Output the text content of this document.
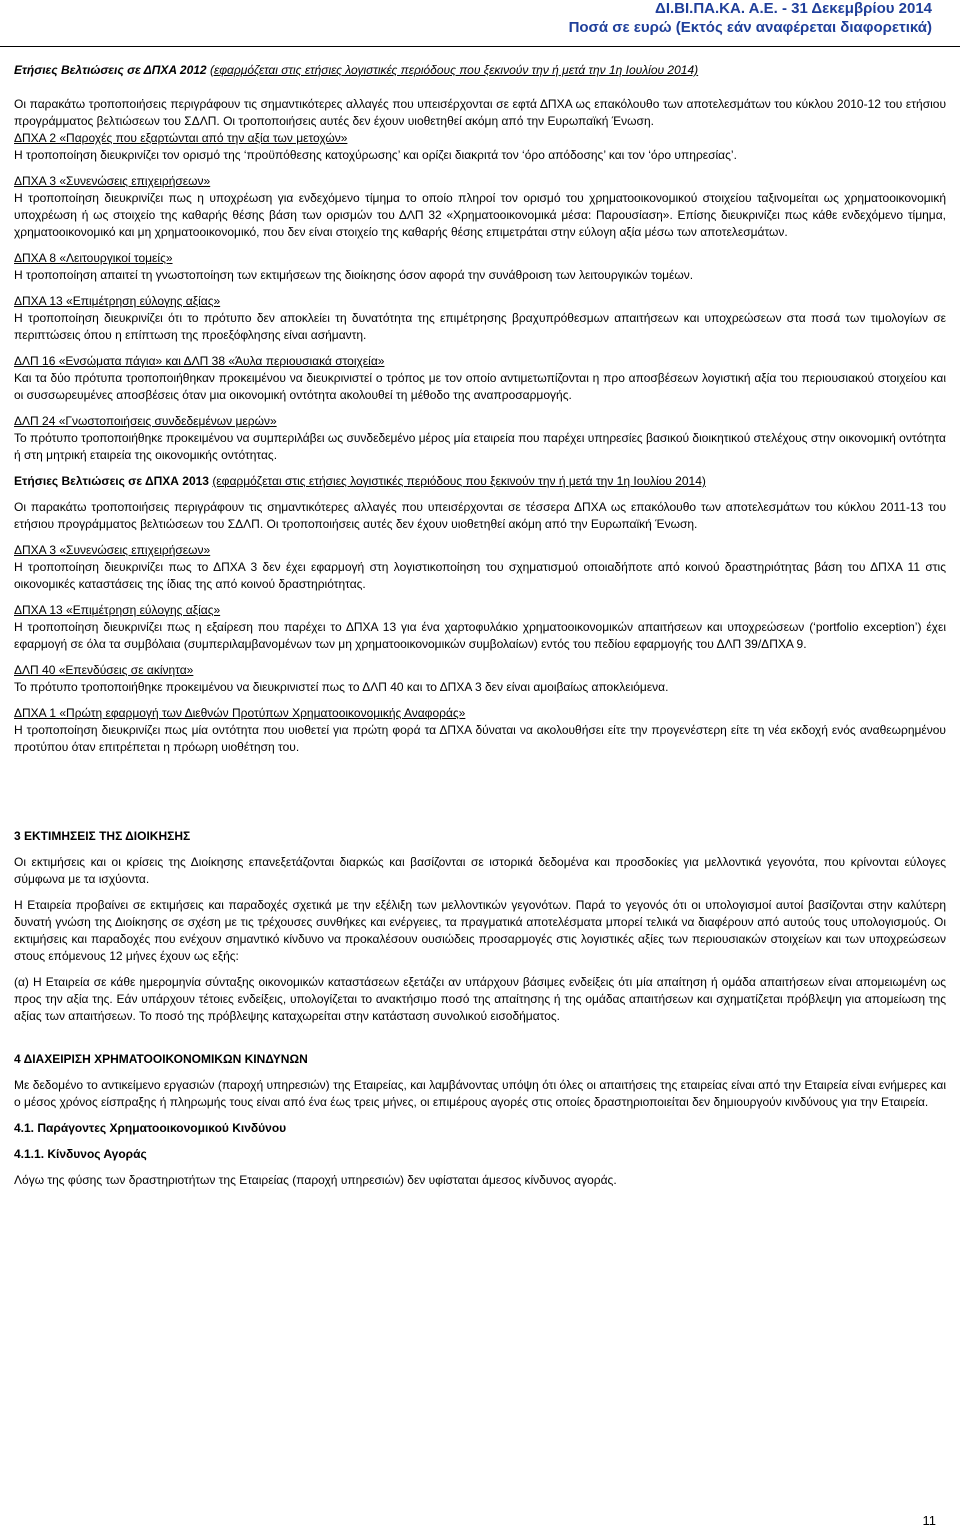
ΔΙ.ΒΙ.ΠΑ.ΚΑ. Α.Ε. - 31 Δεκεμβρίου 2014
Ποσά σε ευρώ (Εκτός εάν αναφέρεται διαφορετικά)

Ετήσιες Βελτιώσεις σε ΔΠΧΑ 2012 (εφαρμόζεται στις ετήσιες λογιστικές περιόδους που ξεκινούν την ή μετά την 1η Ιουλίου 2014)

Οι παρακάτω τροποποιήσεις περιγράφουν τις σημαντικότερες αλλαγές που υπεισέρχονται σε εφτά ΔΠΧΑ ως επακόλουθο των αποτελεσμάτων του κύκλου 2010-12 του ετήσιου προγράμματος βελτιώσεων του ΣΔΛΠ. Οι τροποποιήσεις αυτές δεν έχουν υιοθετηθεί ακόμη από την Ευρωπαϊκή Ένωση.

ΔΠΧΑ 2 «Παροχές που εξαρτώνται από την αξία των μετοχών»

Η τροποποίηση διευκρινίζει τον ορισμό της ‘προϋπόθεσης κατοχύρωσης’ και ορίζει διακριτά τον ‘όρο απόδοσης’ και τον ‘όρο υπηρεσίας’.

ΔΠΧΑ 3 «Συνενώσεις επιχειρήσεων»

Η τροποποίηση διευκρινίζει πως η υποχρέωση για ενδεχόμενο τίμημα το οποίο πληροί τον ορισμό του χρηματοοικονομικού στοιχείου ταξινομείται ως χρηματοοικονομική υποχρέωση ή ως στοιχείο της καθαρής θέσης βάση των ορισμών του ΔΛΠ 32 «Χρηματοοικονομικά μέσα: Παρουσίαση». Επίσης διευκρινίζει πως κάθε ενδεχόμενο τίμημα, χρηματοοικονομικό και μη χρηματοοικονομικό, που δεν είναι στοιχείο της καθαρής θέσης επιμετράται στην εύλογη αξία μέσω των αποτελεσμάτων.

ΔΠΧΑ 8 «Λειτουργικοί τομείς»

Η τροποποίηση απαιτεί τη γνωστοποίηση των εκτιμήσεων της διοίκησης όσον αφορά την συνάθροιση των λειτουργικών τομέων.

ΔΠΧΑ 13 «Επιμέτρηση εύλογης αξίας»

Η τροποποίηση διευκρινίζει ότι το πρότυπο δεν αποκλείει τη δυνατότητα της επιμέτρησης βραχυπρόθεσμων απαιτήσεων και υποχρεώσεων στα ποσά των τιμολογίων σε περιπτώσεις όπου η επίπτωση της προεξόφλησης είναι ασήμαντη.

ΔΛΠ 16 «Ενσώματα πάγια» και ΔΛΠ 38 «Άυλα περιουσιακά στοιχεία»

Και τα δύο πρότυπα τροποποιήθηκαν προκειμένου να διευκρινιστεί ο τρόπος με τον οποίο αντιμετωπίζονται η προ αποσβέσεων λογιστική αξία του περιουσιακού στοιχείου και οι συσσωρευμένες αποσβέσεις όταν μια οικονομική οντότητα ακολουθεί τη μέθοδο της αναπροσαρμογής.

ΔΛΠ 24 «Γνωστοποιήσεις συνδεδεμένων μερών»

Το πρότυπο τροποποιήθηκε προκειμένου να συμπεριλάβει ως συνδεδεμένο μέρος μία εταιρεία που παρέχει υπηρεσίες βασικού διοικητικού στελέχους στην οικονομική οντότητα ή στη μητρική εταιρεία της οικονομικής οντότητας.

Ετήσιες Βελτιώσεις σε ΔΠΧΑ 2013 (εφαρμόζεται στις ετήσιες λογιστικές περιόδους που ξεκινούν την ή μετά την 1η Ιουλίου 2014)

Οι παρακάτω τροποποιήσεις περιγράφουν τις σημαντικότερες αλλαγές που υπεισέρχονται σε τέσσερα ΔΠΧΑ ως επακόλουθο των αποτελεσμάτων του κύκλου 2011-13 του ετήσιου προγράμματος βελτιώσεων του ΣΔΛΠ. Οι τροποποιήσεις αυτές δεν έχουν υιοθετηθεί ακόμη από την Ευρωπαϊκή Ένωση.

ΔΠΧΑ 3 «Συνενώσεις επιχειρήσεων»

Η τροποποίηση διευκρινίζει πως το ΔΠΧΑ 3 δεν έχει εφαρμογή στη λογιστικοποίηση του σχηματισμού οποιαδήποτε από κοινού δραστηριότητας βάση του ΔΠΧΑ 11 στις οικονομικές καταστάσεις της ίδιας της από κοινού δραστηριότητας.

ΔΠΧΑ 13 «Επιμέτρηση εύλογης αξίας»

Η τροποποίηση διευκρινίζει πως η εξαίρεση που παρέχει το ΔΠΧΑ 13 για ένα χαρτοφυλάκιο χρηματοοικονομικών απαιτήσεων και υποχρεώσεων (‘portfolio exception’) έχει εφαρμογή σε όλα τα συμβόλαια (συμπεριλαμβανομένων των μη χρηματοοικονομικών συμβολαίων) εντός του πεδίου εφαρμογής του ΔΛΠ 39/ΔΠΧΑ 9.

ΔΛΠ 40 «Επενδύσεις σε ακίνητα»

Το πρότυπο τροποποιήθηκε προκειμένου να διευκρινιστεί πως το ΔΛΠ 40 και το ΔΠΧΑ 3 δεν είναι αμοιβαίως αποκλειόμενα.

ΔΠΧΑ 1 «Πρώτη εφαρμογή των Διεθνών Προτύπων Χρηματοοικονομικής Αναφοράς»

Η τροποποίηση διευκρινίζει πως μία οντότητα που υιοθετεί για πρώτη φορά τα ΔΠΧΑ δύναται να ακολουθήσει είτε την προγενέστερη είτε τη νέα εκδοχή ενός αναθεωρημένου προτύπου όταν επιτρέπεται η πρόωρη υιοθέτηση του.

3 ΕΚΤΙΜΗΣΕΙΣ ΤΗΣ ΔΙΟΙΚΗΣΗΣ

Οι εκτιμήσεις και οι κρίσεις της Διοίκησης επανεξετάζονται διαρκώς και βασίζονται σε ιστορικά δεδομένα και προσδοκίες για μελλοντικά γεγονότα, που κρίνονται εύλογες σύμφωνα με τα ισχύοντα.

Η Εταιρεία προβαίνει σε εκτιμήσεις και παραδοχές σχετικά με την εξέλιξη των μελλοντικών γεγονότων. Παρά το γεγονός ότι οι υπολογισμοί αυτοί βασίζονται στην καλύτερη δυνατή γνώση της Διοίκησης σε σχέση με τις τρέχουσες συνθήκες και ενέργειες, τα πραγματικά αποτελέσματα μπορεί τελικά να διαφέρουν από αυτούς τους υπολογισμούς. Οι εκτιμήσεις και παραδοχές που ενέχουν σημαντικό κίνδυνο να προκαλέσουν ουσιώδεις προσαρμογές στις λογιστικές αξίες των περιουσιακών στοιχείων και των υποχρεώσεων στους επόμενους 12 μήνες έχουν ως εξής:

(α) Η Εταιρεία σε κάθε ημερομηνία σύνταξης οικονομικών καταστάσεων εξετάζει αν υπάρχουν βάσιμες ενδείξεις ότι μία απαίτηση ή ομάδα απαιτήσεων είναι απομειωμένη ως προς την αξία της. Εάν υπάρχουν τέτοιες ενδείξεις, υπολογίζεται το ανακτήσιμο ποσό της απαίτησης ή της ομάδας απαιτήσεων και σχηματίζεται πρόβλεψη για απομείωση της αξίας των απαιτήσεων. Το ποσό της πρόβλεψης καταχωρείται στην κατάσταση συνολικού εισοδήματος.

4 ΔΙΑΧΕΙΡΙΣΗ ΧΡΗΜΑΤΟΟΙΚΟΝΟΜΙΚΩΝ ΚΙΝΔΥΝΩΝ

Με δεδομένο το αντικείμενο εργασιών (παροχή υπηρεσιών) της Εταιρείας, και λαμβάνοντας υπόψη ότι όλες οι απαιτήσεις της εταιρείας είναι από την Εταιρεία είναι ενήμερες και ο μέσος χρόνος είσπραξης ή πληρωμής τους είναι από ένα έως τρεις μήνες, οι επιμέρους αγορές στις οποίες δραστηριοποιείται δεν δημιουργούν κινδύνους για την Εταιρεία.

4.1. Παράγοντες Χρηματοοικονομικού Κινδύνου

4.1.1. Κίνδυνος Αγοράς

Λόγω της φύσης των δραστηριοτήτων της Εταιρείας (παροχή υπηρεσιών) δεν υφίσταται άμεσος κίνδυνος αγοράς.

11
